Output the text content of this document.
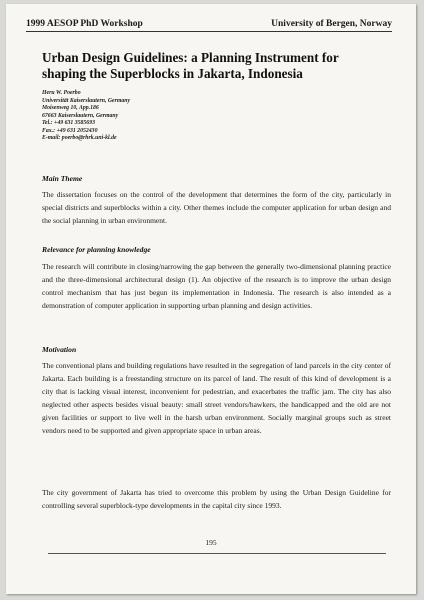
1999 AESOP PhD Workshop	University of Bergen, Norway
Urban Design Guidelines: a Planning Instrument for shaping the Superblocks in Jakarta, Indonesia
Heru W. Poerbo
Universität Kaiserslautern, Germany
Moisenweg 10, App.186
67663 Kaiserslautern, Germany
Tel.: +49 631 3585693
Fax.: +49 631 2052430
E-mail: poerbo@rhrk.uni-kl.de
Main Theme
The dissertation focuses on the control of the development that determines the form of the city, particularly in special districts and superblocks within a city. Other themes include the computer application for urban design and the social planning in urban environment.
Relevance for planning knowledge
The research will contribute in closing/narrowing the gap between the generally two-dimensional planning practice and the three-dimensional architectural design (1). An objective of the research is to improve the urban design control mechanism that has just begun its implementation in Indonesia. The research is also intended as a demonstration of computer application in supporting urban planning and design activities.
Motivation
The conventional plans and building regulations have resulted in the segregation of land parcels in the city center of Jakarta. Each building is a freestanding structure on its parcel of land. The result of this kind of development is a city that is lacking visual interest, inconvenient for pedestrian, and exacerbates the traffic jam. The city has also neglected other aspects besides visual beauty: small street vendors/hawkers, the handicapped and the old are not given facilities or support to live well in the harsh urban environment. Socially marginal groups such as street vendors need to be supported and given appropriate space in urban areas.
The city government of Jakarta has tried to overcome this problem by using the Urban Design Guideline for controlling several superblock-type developments in the capital city since 1993.
195
